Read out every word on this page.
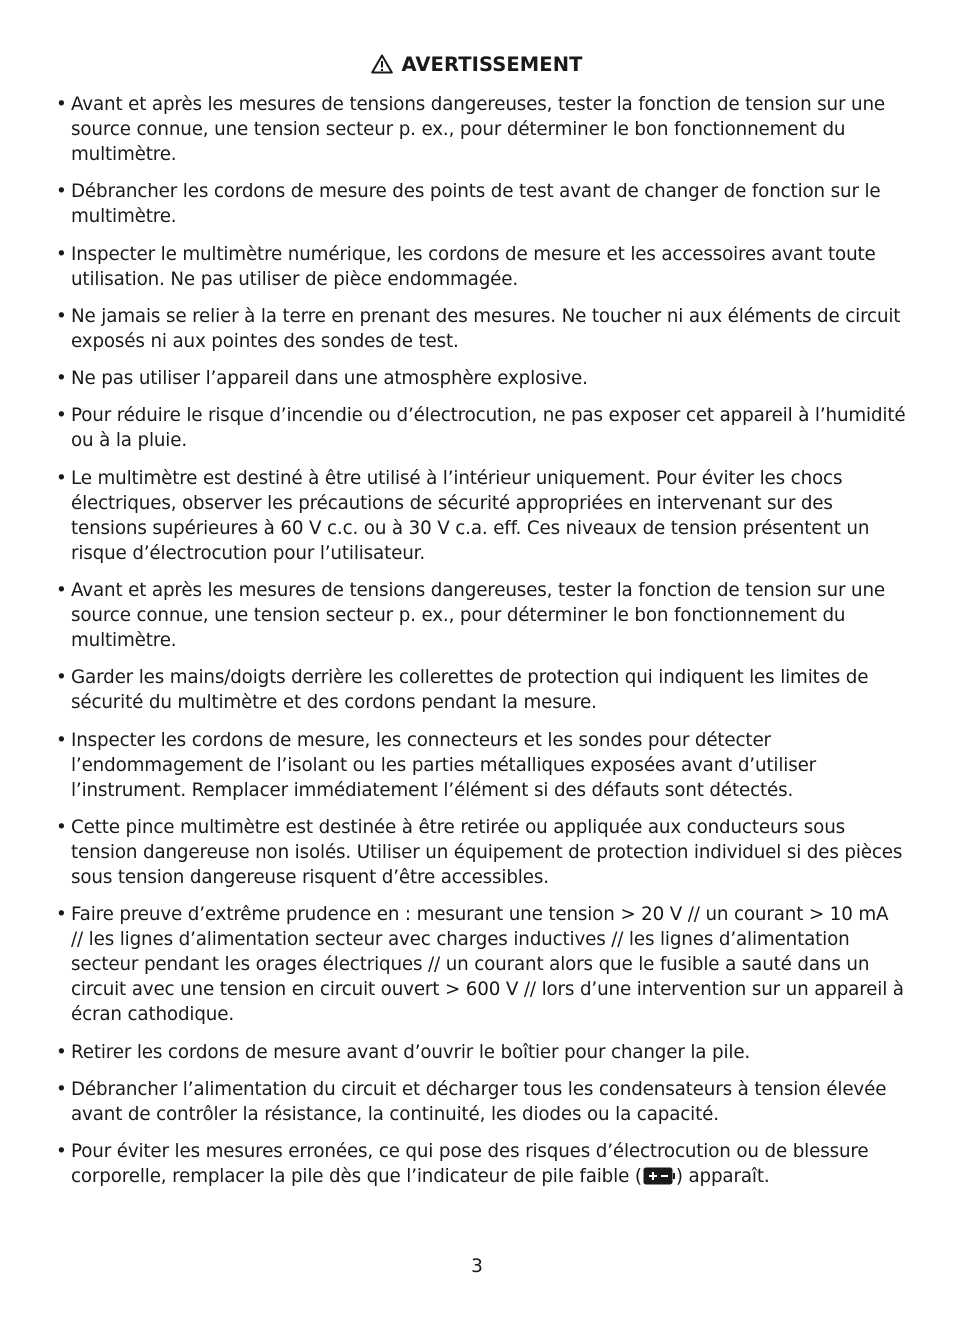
AVERTISSEMENT
• Avant et après les mesures de tensions dangereuses, tester la fonction de tension sur une source connue, une tension secteur p. ex., pour déterminer le bon fonctionnement du multimètre.
• Débrancher les cordons de mesure des points de test avant de changer de fonction sur le multimètre.
• Inspecter le multimètre numérique, les cordons de mesure et les accessoires avant toute utilisation. Ne pas utiliser de pièce endommagée.
• Ne jamais se relier à la terre en prenant des mesures. Ne toucher ni aux éléments de circuit exposés ni aux pointes des sondes de test.
• Ne pas utiliser l’appareil dans une atmosphère explosive.
• Pour réduire le risque d’incendie ou d’électrocution, ne pas exposer cet appareil à l’humidité ou à la pluie.
• Le multimètre est destiné à être utilisé à l’intérieur uniquement. Pour éviter les chocs électriques, observer les précautions de sécurité appropriées en intervenant sur des tensions supérieures à 60 V c.c. ou à 30 V c.a. eff. Ces niveaux de tension présentent un risque d’électrocution pour l’utilisateur.
• Avant et après les mesures de tensions dangereuses, tester la fonction de tension sur une source connue, une tension secteur p. ex., pour déterminer le bon fonctionnement du multimètre.
• Garder les mains/doigts derrière les collerettes de protection qui indiquent les limites de sécurité du multimètre et des cordons pendant la mesure.
• Inspecter les cordons de mesure, les connecteurs et les sondes pour détecter l’endommagement de l’isolant ou les parties métalliques exposées avant d’utiliser l’instrument. Remplacer immédiatement l’élément si des défauts sont détectés.
• Cette pince multimètre est destinée à être retirée ou appliquée aux conducteurs sous tension dangereuse non isolés. Utiliser un équipement de protection individuel si des pièces sous tension dangereuse risquent d’être accessibles.
• Faire preuve d’extrême prudence en : mesurant une tension > 20 V // un courant > 10 mA // les lignes d’alimentation secteur avec charges inductives // les lignes d’alimentation secteur pendant les orages électriques // un courant alors que le fusible a sauté dans un circuit avec une tension en circuit ouvert > 600 V // lors d’une intervention sur un appareil à écran cathodique.
• Retirer les cordons de mesure avant d’ouvrir le boîtier pour changer la pile.
• Débrancher l’alimentation du circuit et décharger tous les condensateurs à tension élevée avant de contrôler la résistance, la continuité, les diodes ou la capacité.
• Pour éviter les mesures erronées, ce qui pose des risques d’électrocution ou de blessure corporelle, remplacer la pile dès que l’indicateur de pile faible ( ) apparaît.
3
